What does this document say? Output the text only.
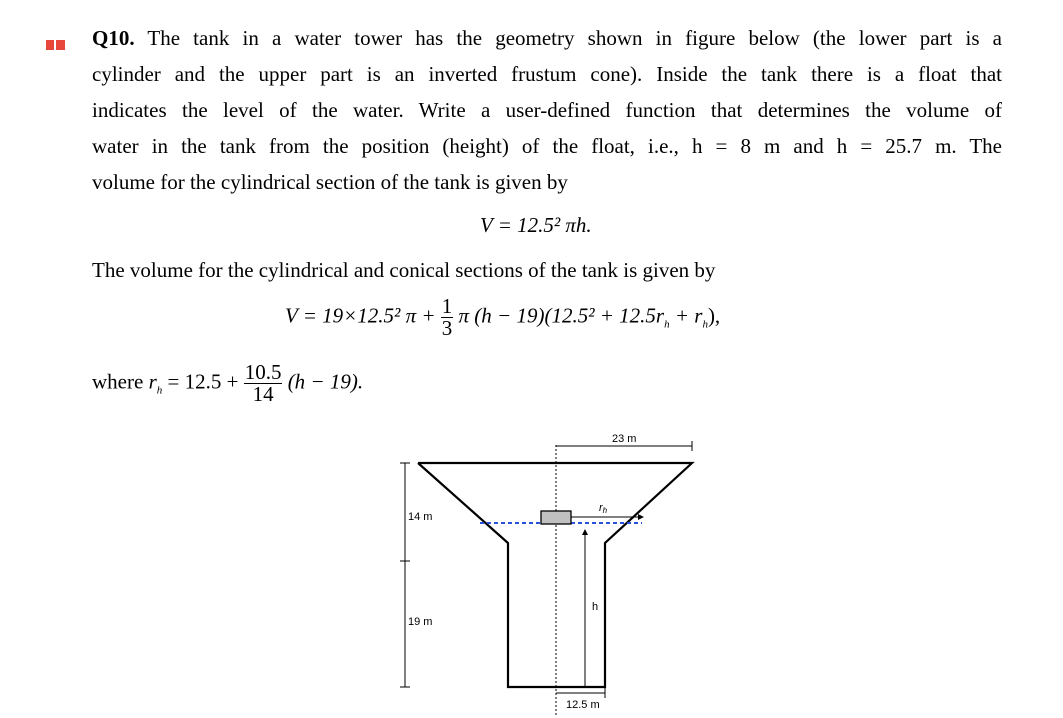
Q10. The tank in a water tower has the geometry shown in figure below (the lower part is a
cylinder and the upper part is an inverted frustum cone). Inside the tank there is a float that
indicates the level of the water. Write a user-defined function that determines the volume of
water in the tank from the position (height) of the float, i.e., h = 8 m and h = 25.7 m. The
volume for the cylindrical section of the tank is given by
V = 12.5² πh.
The volume for the cylindrical and conical sections of the tank is given by
V = 19×12.5² $\pi + \frac{1}{3}$ π $(h - 19)(12.5^2 + 12.5r_h + r_h)$,
where $r_h = 12.5 + \frac{10.5}{14} (h - 19)$.
14 m
19 m
23 m
rh
h
12.5 m
